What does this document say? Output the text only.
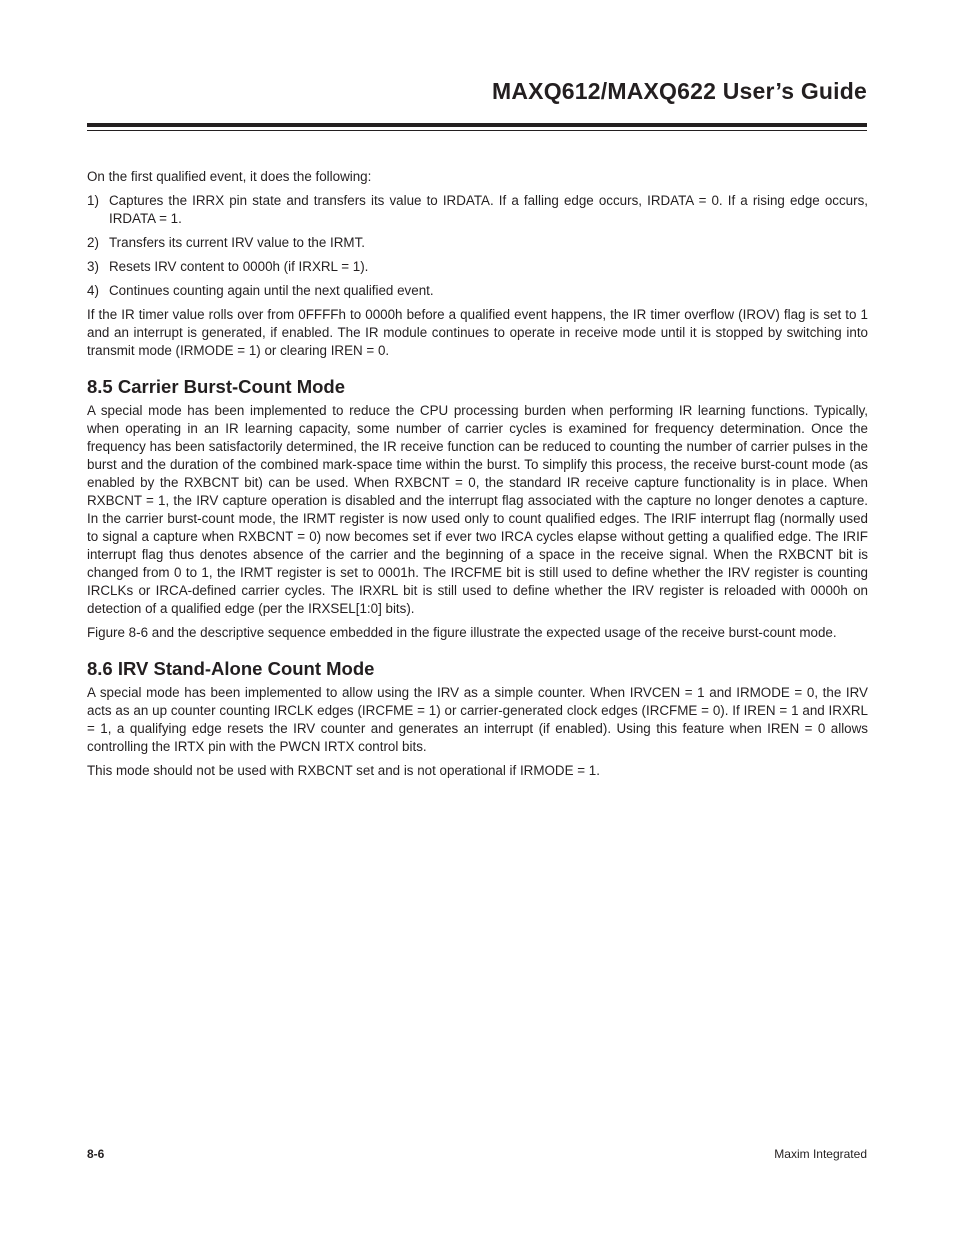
MAXQ612/MAXQ622 User’s Guide

On the first qualified event, it does the following:

1) Captures the IRRX pin state and transfers its value to IRDATA. If a falling edge occurs, IRDATA = 0. If a rising edge occurs, IRDATA = 1.
2) Transfers its current IRV value to the IRMT.
3) Resets IRV content to 0000h (if IRXRL = 1).
4) Continues counting again until the next qualified event.

If the IR timer value rolls over from 0FFFFh to 0000h before a qualified event happens, the IR timer overflow (IROV) flag is set to 1 and an interrupt is generated, if enabled. The IR module continues to operate in receive mode until it is stopped by switching into transmit mode (IRMODE = 1) or clearing IREN = 0.

8.5 Carrier Burst-Count Mode

A special mode has been implemented to reduce the CPU processing burden when performing IR learning functions. Typically, when operating in an IR learning capacity, some number of carrier cycles is examined for frequency determination. Once the frequency has been satisfactorily determined, the IR receive function can be reduced to counting the number of carrier pulses in the burst and the duration of the combined mark-space time within the burst. To simplify this process, the receive burst-count mode (as enabled by the RXBCNT bit) can be used. When RXBCNT = 0, the standard IR receive capture functionality is in place. When RXBCNT = 1, the IRV capture operation is disabled and the interrupt flag associated with the capture no longer denotes a capture. In the carrier burst-count mode, the IRMT register is now used only to count qualified edges. The IRIF interrupt flag (normally used to signal a capture when RXBCNT = 0) now becomes set if ever two IRCA cycles elapse without getting a qualified edge. The IRIF interrupt flag thus denotes absence of the carrier and the beginning of a space in the receive signal. When the RXBCNT bit is changed from 0 to 1, the IRMT register is set to 0001h. The IRCFME bit is still used to define whether the IRV register is counting IRCLKs or IRCA-defined carrier cycles. The IRXRL bit is still used to define whether the IRV register is reloaded with 0000h on detection of a qualified edge (per the IRXSEL[1:0] bits).

Figure 8-6 and the descriptive sequence embedded in the figure illustrate the expected usage of the receive burst-count mode.

8.6 IRV Stand-Alone Count Mode

A special mode has been implemented to allow using the IRV as a simple counter. When IRVCEN = 1 and IRMODE = 0, the IRV acts as an up counter counting IRCLK edges (IRCFME = 1) or carrier-generated clock edges (IRCFME = 0). If IREN = 1 and IRXRL = 1, a qualifying edge resets the IRV counter and generates an interrupt (if enabled). Using this feature when IREN = 0 allows controlling the IRTX pin with the PWCN IRTX control bits.

This mode should not be used with RXBCNT set and is not operational if IRMODE = 1.

8-6	Maxim Integrated
